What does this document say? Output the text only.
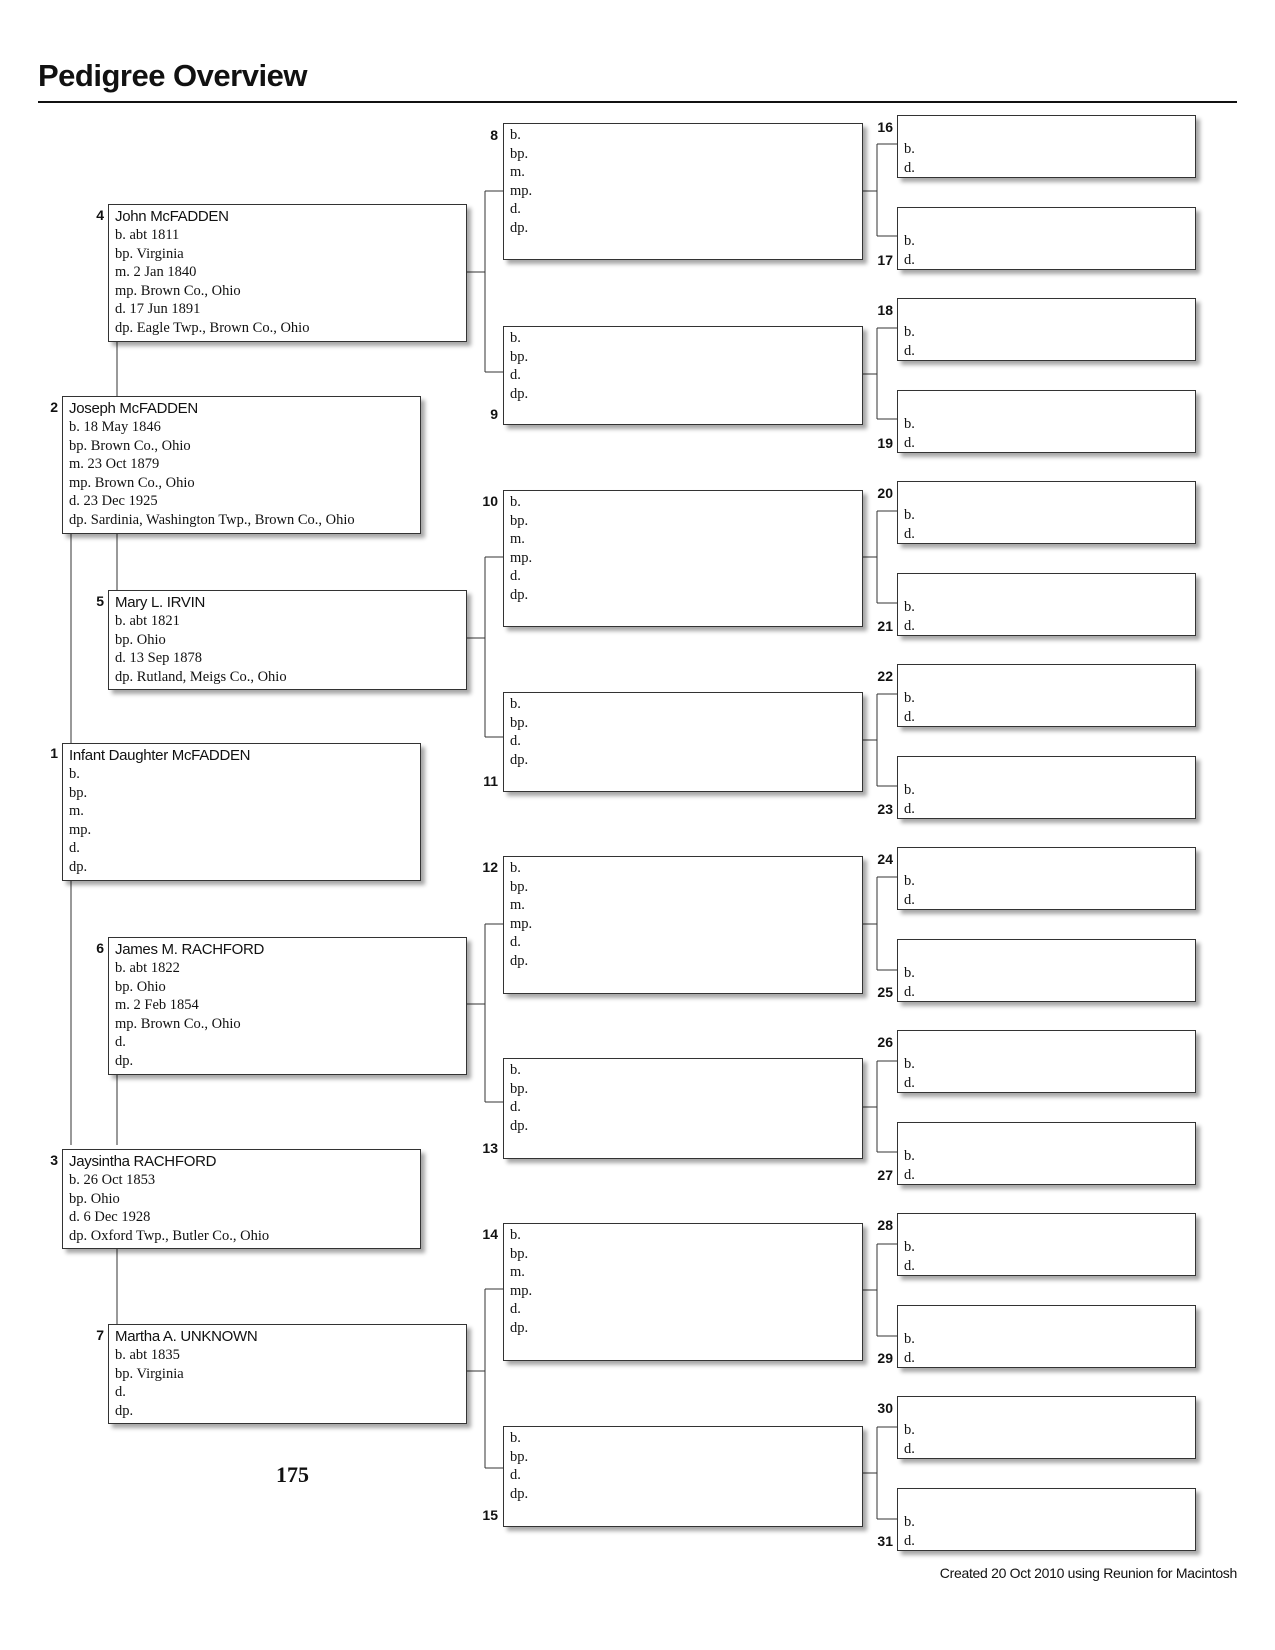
Pedigree Overview
1 Infant Daughter McFADDEN
b.
bp.
m.
mp.
d.
dp.
2 Joseph McFADDEN
b. 18 May 1846
bp. Brown Co., Ohio
m. 23 Oct 1879
mp. Brown Co., Ohio
d. 23 Dec 1925
dp. Sardinia, Washington Twp., Brown Co., Ohio
3 Jaysintha RACHFORD
b. 26 Oct 1853
bp. Ohio
d. 6 Dec 1928
dp. Oxford Twp., Butler Co., Ohio
4 John McFADDEN
b. abt 1811
bp. Virginia
m. 2 Jan 1840
mp. Brown Co., Ohio
d. 17 Jun 1891
dp. Eagle Twp., Brown Co., Ohio
5 Mary L. IRVIN
b. abt 1821
bp. Ohio
d. 13 Sep 1878
dp. Rutland, Meigs Co., Ohio
6 James M. RACHFORD
b. abt 1822
bp. Ohio
m. 2 Feb 1854
mp. Brown Co., Ohio
d.
dp.
7 Martha A. UNKNOWN
b. abt 1835
bp. Virginia
d.
dp.
8 b.
bp.
m.
mp.
d.
dp.
9
b.
bp.
d.
dp.
10 b.
bp.
m.
mp.
d.
dp.
11
b.
bp.
d.
dp.
12 b.
bp.
m.
mp.
d.
dp.
13
b.
bp.
d.
dp.
14 b.
bp.
m.
mp.
d.
dp.
15
b.
bp.
d.
dp.
16
b.
d.
17
b.
d.
18
b.
d.
19
b.
d.
20
b.
d.
21
b.
d.
22
b.
d.
23
b.
d.
24
b.
d.
25
b.
d.
26
b.
d.
27
b.
d.
28
b.
d.
29
b.
d.
30
b.
d.
31
b.
d.
175
Created 20 Oct 2010 using Reunion for Macintosh
